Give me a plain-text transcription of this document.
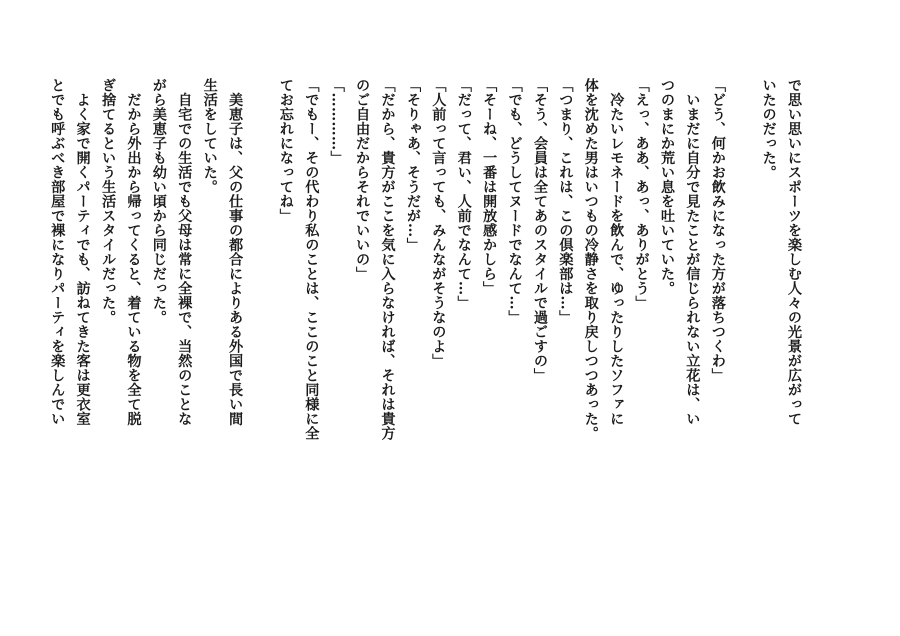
で思い思いにスポーツを楽しむ人々の光景が広がって
いたのだった。
「どう、何かお飲みになった方が落ちつくわ」
　いまだに自分で見たことが信じられない立花は、い
つのまにか荒い息を吐いていた。
「えっ、ああ、あっ、ありがとう」
　冷たいレモネードを飲んで、ゆったりしたソファに
体を沈めた男はいつもの冷静さを取り戻しつつあった。
「つまり、これは、この倶楽部は…」
「そう、会員は全てあのスタイルで過ごすの」
「でも、どうしてヌードでなんて…」
「そーね、一番は開放感かしら」
「だって、君い、人前でなんて…」
「人前って言っても、みんながそうなのよ」
「そりゃあ、そうだが…」
「だから、貴方がここを気に入らなければ、それは貴方
のご自由だからそれでいいの」
「…………」
「でもー、その代わり私のことは、ここのこと同様に全
てお忘れになってね」
　美恵子は、父の仕事の都合によりある外国で長い間
生活をしていた。
　自宅での生活でも父母は常に全裸で、当然のことな
がら美恵子も幼い頃から同じだった。
　だから外出から帰ってくると、着ている物を全て脱
ぎ捨てるという生活スタイルだった。
　よく家で開くパーティでも、訪ねてきた客は更衣室
とでも呼ぶべき部屋で裸になりパーティを楽しんでい
